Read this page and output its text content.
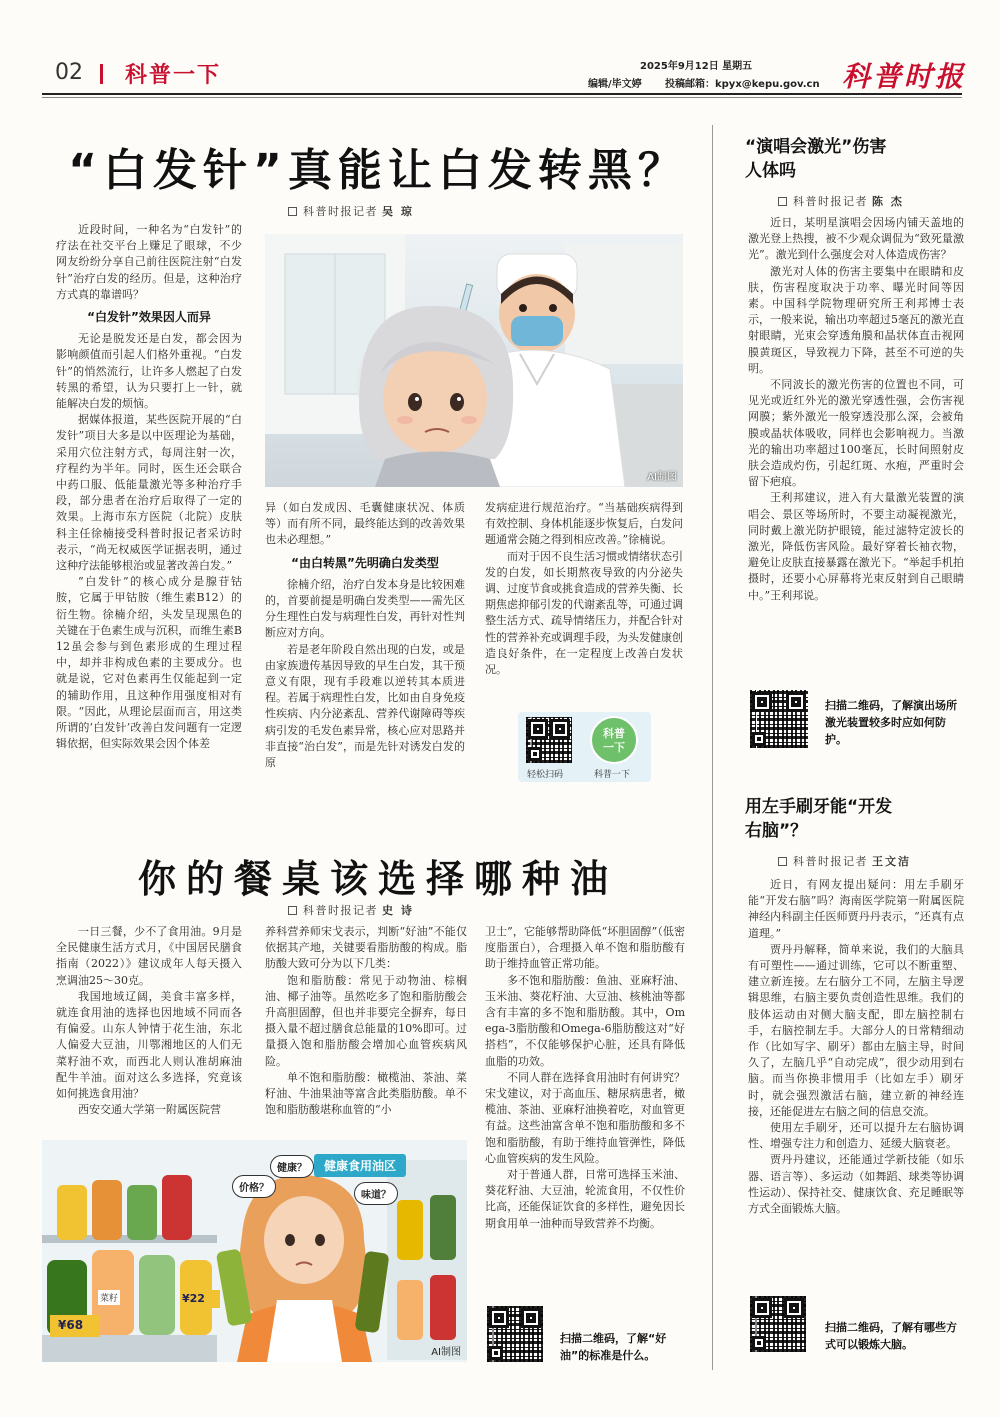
02 科普一下	2025年9月12日 星期五
编辑/毕文婷 投稿邮箱：kpyx@kepu.gov.cn 科普时报
“白发针”真能让白发转黑？
科普时报记者 吴 琼

近段时间，一种名为“白发针”的疗法在社交平台上赚足了眼球，不少网友纷纷分享自己前往医院注射“白发针”治疗白发的经历。但是，这种治疗方式真的靠谱吗？

“白发针”效果因人而异

无论是脱发还是白发，都会因为影响颜值而引起人们格外重视。“白发针”的悄然流行，让许多人燃起了白发转黑的希望，认为只要打上一针，就能解决白发的烦恼。

据媒体报道，某些医院开展的“白发针”项目大多是以中医理论为基础，采用穴位注射方式，每周注射一次，疗程约为半年。同时，医生还会联合中药口服、低能量激光等多种治疗手段，部分患者在治疗后取得了一定的效果。上海市东方医院（北院）皮肤科主任徐楠接受科普时报记者采访时表示，“尚无权威医学证据表明，通过这种疗法能够根治或显著改善白发。”

“白发针”的核心成分是腺苷钴胺，它属于甲钴胺（维生素B12）的衍生物。徐楠介绍，头发呈现黑色的关键在于色素生成与沉积，而维生素B12虽会参与到色素形成的生理过程中，却并非构成色素的主要成分。也就是说，它对色素再生仅能起到一定的辅助作用，且这种作用强度相对有限。“因此，从理论层面而言，用这类所谓的‘白发针’改善白发问题有一定逻辑依据，但实际效果会因个体差

AI制图

异（如白发成因、毛囊健康状况、体质等）而有所不同，最终能达到的改善效果也未必理想。”

“由白转黑”先明确白发类型

徐楠介绍，治疗白发本身是比较困难的，首要前提是明确白发类型——需先区分生理性白发与病理性白发，再针对性判断应对方向。

若是老年阶段自然出现的白发，或是由家族遗传基因导致的早生白发，其干预意义有限，现有手段难以逆转其本质进程。若属于病理性白发，比如由自身免疫性疾病、内分泌紊乱、营养代谢障碍等疾病引发的毛发色素异常，核心应对思路并非直接“治白发”，而是先针对诱发白发的原

发病症进行规范治疗。“当基础疾病得到有效控制、身体机能逐步恢复后，白发问题通常会随之得到相应改善。”徐楠说。

而对于因不良生活习惯或情绪状态引发的白发，如长期熬夜导致的内分泌失调、过度节食或挑食造成的营养失衡、长期焦虑抑郁引发的代谢紊乱等，可通过调整生活方式、疏导情绪压力，并配合针对性的营养补充或调理手段，为头发健康创造良好条件，在一定程度上改善白发状况。

科普
一下
轻松扫码	科普一下
你的餐桌该选择哪种油
科普时报记者 史 诗

一日三餐，少不了食用油。9月是全民健康生活方式月，《中国居民膳食指南（2022）》建议成年人每天摄入烹调油25～30克。

我国地域辽阔，美食丰富多样，就连食用油的选择也因地域不同而各有偏爱。山东人钟情于花生油，东北人偏爱大豆油，川鄂湘地区的人们无菜籽油不欢，而西北人则认准胡麻油配牛羊油。面对这么多选择，究竟该如何挑选食用油？

西安交通大学第一附属医院营

养科营养师宋戈表示，判断“好油”不能仅依据其产地，关键要看脂肪酸的构成。脂肪酸大致可分为以下几类：

饱和脂肪酸：常见于动物油、棕榈油、椰子油等。虽然吃多了饱和脂肪酸会升高胆固醇，但也并非要完全摒弃，每日摄入量不超过膳食总能量的10%即可。过量摄入饱和脂肪酸会增加心血管疾病风险。

单不饱和脂肪酸：橄榄油、茶油、菜籽油、牛油果油等富含此类脂肪酸。单不饱和脂肪酸堪称血管的“小

卫士”，它能够帮助降低“坏胆固醇”（低密度脂蛋白），合理摄入单不饱和脂肪酸有助于维持血管正常功能。

多不饱和脂肪酸：鱼油、亚麻籽油、玉米油、葵花籽油、大豆油、核桃油等都含有丰富的多不饱和脂肪酸。其中，Omega-3脂肪酸和Omega-6脂肪酸这对“好搭档”，不仅能够保护心脏，还具有降低血脂的功效。

不同人群在选择食用油时有何讲究？宋戈建议，对于高血压、糖尿病患者，橄榄油、茶油、亚麻籽油换着吃，对血管更有益。这些油富含单不饱和脂肪酸和多不饱和脂肪酸，有助于维持血管弹性，降低心血管疾病的发生风险。

对于普通人群，日常可选择玉米油、葵花籽油、大豆油，轮流食用，不仅性价比高，还能保证饮食的多样性，避免因长期食用单一油种而导致营养不均衡。

健康食用油区
健康？
价格？
味道？
¥22
¥68
菜籽
AI制图
扫描二维码，了解“好油”的标准是什么。
“演唱会激光”伤害人体吗
科普时报记者 陈 杰

近日，某明星演唱会因场内铺天盖地的激光登上热搜，被不少观众调侃为“致死量激光”。激光到什么强度会对人体造成伤害？

激光对人体的伤害主要集中在眼睛和皮肤，伤害程度取决于功率、曝光时间等因素。中国科学院物理研究所王利邦博士表示，一般来说，输出功率超过5毫瓦的激光直射眼睛，光束会穿透角膜和晶状体直击视网膜黄斑区，导致视力下降，甚至不可逆的失明。

不同波长的激光伤害的位置也不同，可见光或近红外光的激光穿透性强，会伤害视网膜；紫外激光一般穿透没那么深，会被角膜或晶状体吸收，同样也会影响视力。当激光的输出功率超过100毫瓦，长时间照射皮肤会造成灼伤，引起红斑、水疱，严重时会留下疤痕。

王利邦建议，进入有大量激光装置的演唱会、景区等场所时，不要主动凝视激光，同时戴上激光防护眼镜，能过滤特定波长的激光，降低伤害风险。最好穿着长袖衣物，避免让皮肤直接暴露在激光下。“举起手机拍摄时，还要小心屏幕将光束反射到自己眼睛中。”王利邦说。

扫描二维码，了解演出场所激光装置较多时应如何防护。
用左手刷牙能“开发右脑”？
科普时报记者 王文洁

近日，有网友提出疑问：用左手刷牙能“开发右脑”吗？海南医学院第一附属医院神经内科副主任医师贾丹丹表示，“还真有点道理。”

贾丹丹解释，简单来说，我们的大脑具有可塑性——通过训练，它可以不断重塑、建立新连接。左右脑分工不同，左脑主导逻辑思维，右脑主要负责创造性思维。我们的肢体运动由对侧大脑支配，即左脑控制右手，右脑控制左手。大部分人的日常精细动作（比如写字、刷牙）都由左脑主导，时间久了，左脑几乎“自动完成”，很少动用到右脑。而当你换非惯用手（比如左手）刷牙时，就会强烈激活右脑，建立新的神经连接，还能促进左右脑之间的信息交流。

使用左手刷牙，还可以提升左右脑协调性、增强专注力和创造力、延缓大脑衰老。

贾丹丹建议，还能通过学新技能（如乐器、语言等）、多运动（如舞蹈、球类等协调性运动）、保持社交、健康饮食、充足睡眠等方式全面锻炼大脑。

扫描二维码，了解有哪些方式可以锻炼大脑。
